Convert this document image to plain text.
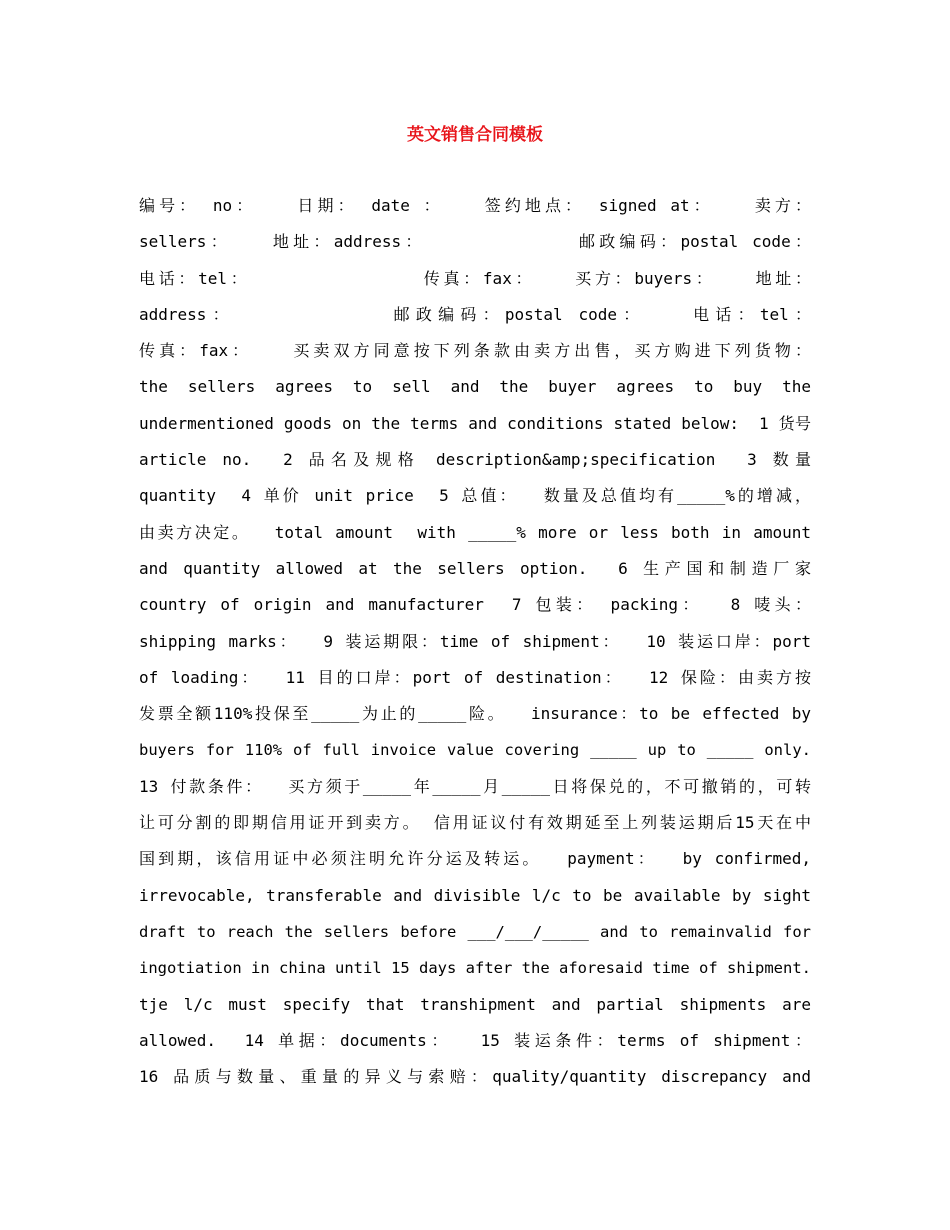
英文销售合同模板
编号： no：   日期： date ：   签约地点： signed at：   卖方：
sellers：   地址：address：           邮政编码：postal code：
电话：tel：             传真：fax：   买方：buyers：   地址：
address：          邮政编码：postal code：   电话：tel：
传真：fax：   买卖双方同意按下列条款由卖方出售，买方购进下列货物：
the sellers agrees to sell and the buyer agrees to buy the
undermentioned goods on the terms and conditions stated below:  1 货号
article no.  2 品名及规格 description&amp;specification  3 数量
quantity  4 单价 unit price  5 总值：  数量及总值均有_____%的增减，
由卖方决定。  total amount  with _____% more or less both in amount
and quantity allowed at the sellers option.  6 生产国和制造厂家
country of origin and manufacturer  7 包装： packing：  8 唛头：
shipping marks：  9 装运期限：time of shipment：  10 装运口岸：port
of loading：  11 目的口岸：port of destination：  12 保险：由卖方按
发票全额110%投保至_____为止的_____险。  insurance：to be effected by
buyers for 110% of full invoice value covering _____ up to _____ only.
13 付款条件：  买方须于_____年_____月_____日将保兑的，不可撤销的，可转
让可分割的即期信用证开到卖方。 信用证议付有效期延至上列装运期后15天在中
国到期，该信用证中必须注明允许分运及转运。  payment：  by confirmed,
irrevocable, transferable and divisible l/c to be available by sight
draft to reach the sellers before ___/___/_____ and to remainvalid for
ingotiation in china until 15 days after the aforesaid time of shipment.
tje l/c must specify that transhipment and partial shipments are
allowed.  14 单据：documents：  15 装运条件：terms of shipment：
16 品质与数量、重量的异义与索赔：quality/quantity discrepancy and
